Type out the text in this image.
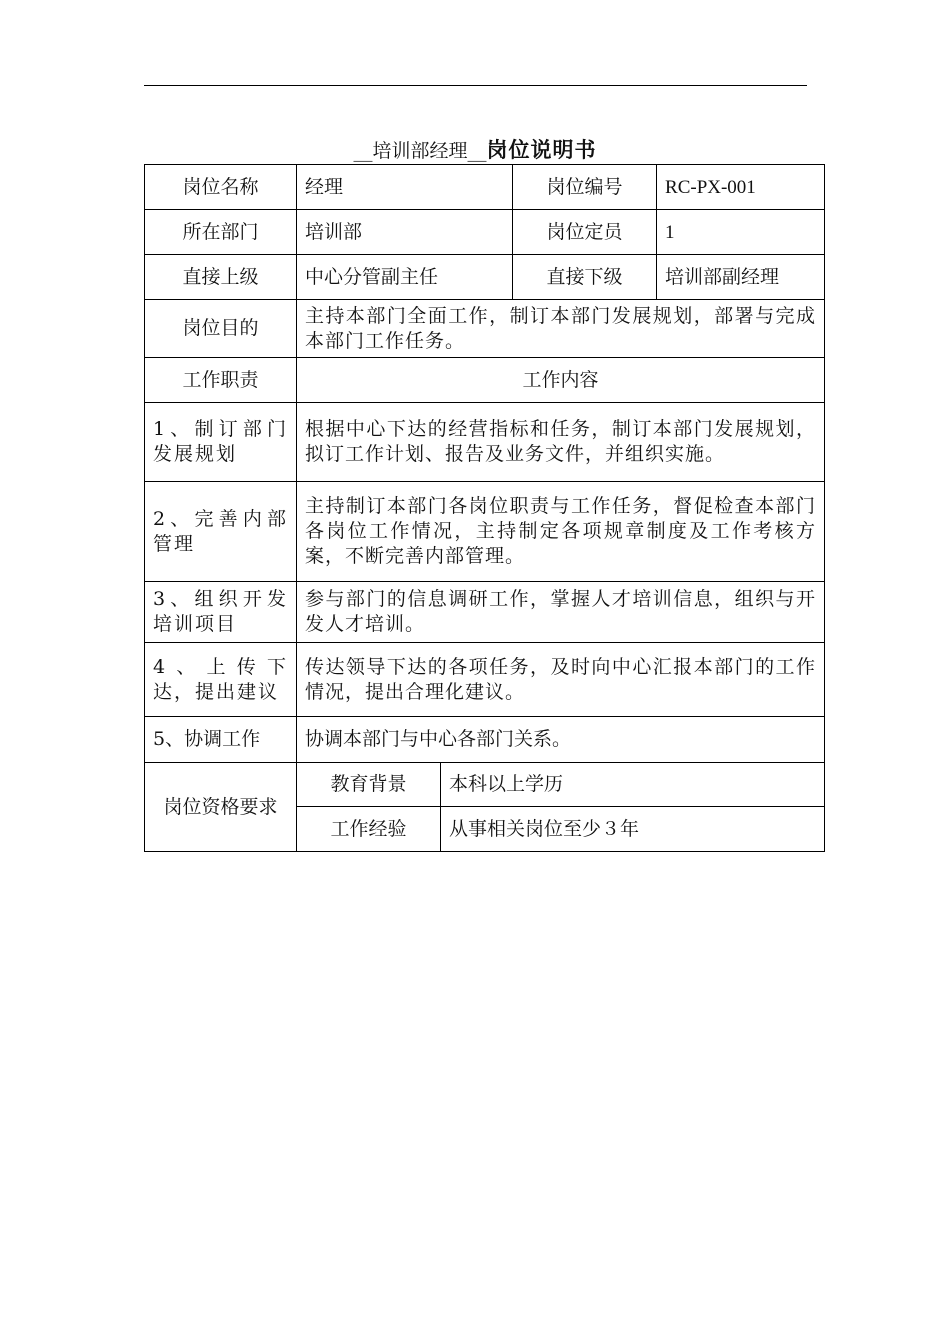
__培训部经理__岗位说明书
岗位名称	经理		岗位编号	RC-PX-001
所在部门	培训部		岗位定员	1
直接上级	中心分管副主任		直接下级	培训部副经理
岗位目的	主持本部门全面工作，制订本部门发展规划，部署与完成本部门工作任务。			
工作职责	工作内容			
1、制订部门发展规划	根据中心下达的经营指标和任务，制订本部门发展规划，拟订工作计划、报告及业务文件，并组织实施。			
2、完善内部管理	主持制订本部门各岗位职责与工作任务，督促检查本部门各岗位工作情况，主持制定各项规章制度及工作考核方案，不断完善内部管理。			
3、组织开发培训项目	参与部门的信息调研工作，掌握人才培训信息，组织与开发人才培训。			
4、上传下达，提出建议	传达领导下达的各项任务，及时向中心汇报本部门的工作情况，提出合理化建议。			
5、协调工作	协调本部门与中心各部门关系。			
岗位资格要求	教育背景	本科以上学历		
	工作经验	从事相关岗位至少３年		
